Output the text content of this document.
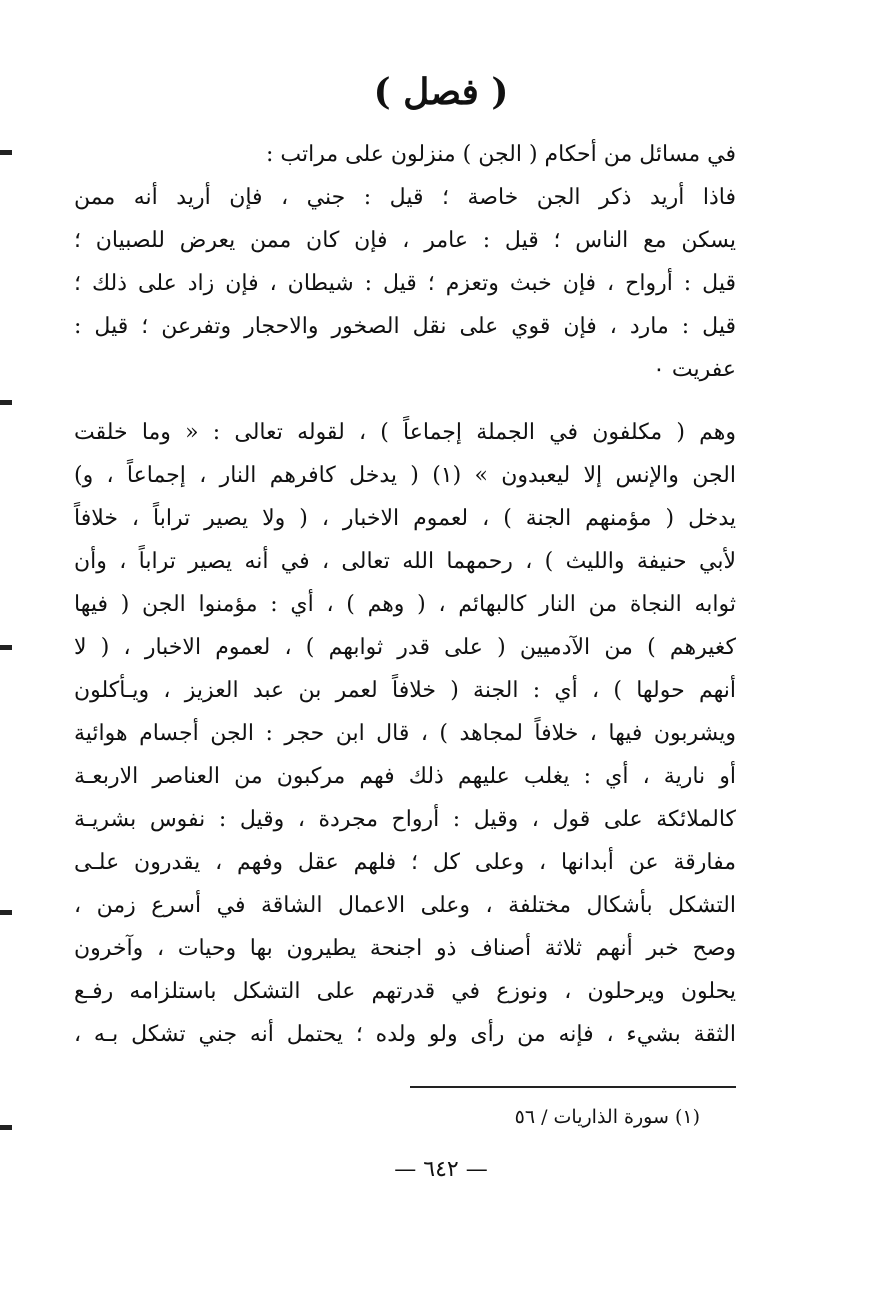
( فصل )
في مسائل من أحكام ( الجن ) منزلون على مراتب :
فاذا أريد ذكر الجن خاصة ؛ قيل : جني ، فإن أريد أنه ممن
يسكن مع الناس ؛ قيل : عامر ، فإن كان ممن يعرض للصبيان ؛
قيل : أرواح ، فإن خبث وتعزم ؛ قيل : شيطان ، فإن زاد على ذلك ؛
قيل : مارد ، فإن قوي على نقل الصخور والاحجار وتفرعن ؛ قيل :
عفريت ٠
وهم ( مكلفون في الجملة إجماعاً ) ، لقوله تعالى : « وما خلقت
الجن والإنس إلا ليعبدون » (١) ( يدخل كافرهم النار ، إجماعاً ، و)
يدخل ( مؤمنهم الجنة ) ، لعموم الاخبار ، ( ولا يصير تراباً ، خلافاً
لأبي حنيفة والليث ) ، رحمهما الله تعالى ، في أنه يصير تراباً ، وأن
ثوابه النجاة من النار كالبهائم ، ( وهم ) ، أي : مؤمنوا الجن ( فيها
كغيرهم ) من الآدميين ( على قدر ثوابهم ) ، لعموم الاخبار ، ( لا
أنهم حولها ) ، أي : الجنة ( خلافاً لعمر بن عبد العزيز ، ويـأكلون
ويشربون فيها ، خلافاً لمجاهد ) ، قال ابن حجر : الجن أجسام هوائية
أو نارية ، أي : يغلب عليهم ذلك فهم مركبون من العناصر الاربعـة
كالملائكة على قول ، وقيل : أرواح مجردة ، وقيل : نفوس بشريـة
مفارقة عن أبدانها ، وعلى كل ؛ فلهم عقل وفهم ، يقدرون علـى
التشكل بأشكال مختلفة ، وعلى الاعمال الشاقة في أسرع زمن ،
وصح خبر أنهم ثلاثة أصناف ذو اجنحة يطيرون بها وحيات ، وآخرون
يحلون ويرحلون ، ونوزع في قدرتهم على التشكل باستلزامه رفـع
الثقة بشيء ، فإنه من رأى ولو ولده ؛ يحتمل أنه جني تشكل بـه ،
(١) سورة الذاريات / ٥٦
— ٦٤٢ —
